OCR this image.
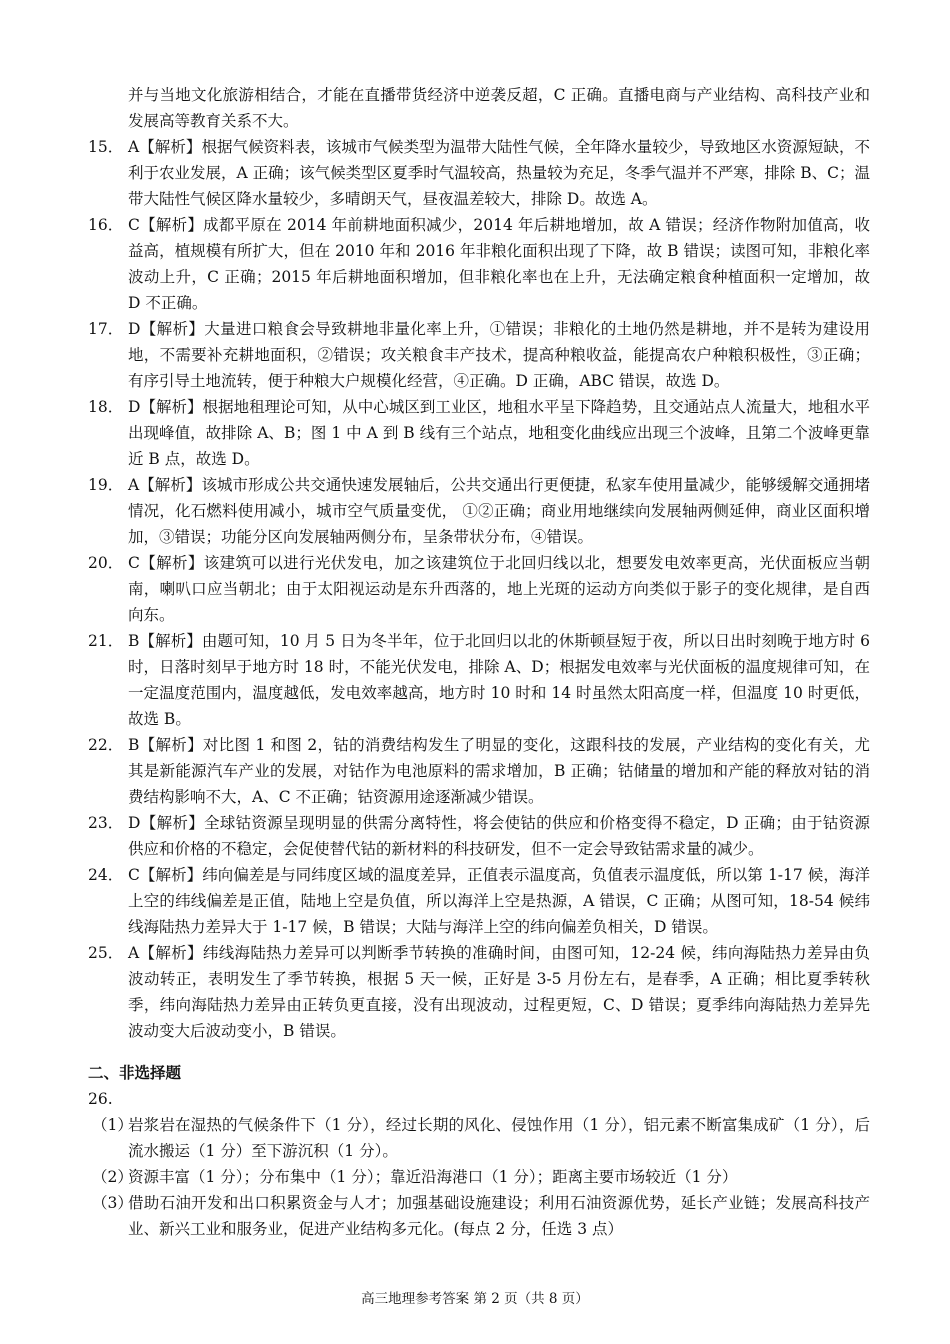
并与当地文化旅游相结合，才能在直播带货经济中逆袭反超，C 正确。直播电商与产业结构、高科技产业和发展高等教育关系不大。

15． A【解析】根据气候资料表，该城市气候类型为温带大陆性气候，全年降水量较少，导致地区水资源短缺，不利于农业发展，A 正确；该气候类型区夏季时气温较高，热量较为充足，冬季气温并不严寒，排除 B、C；温带大陆性气候区降水量较少，多晴朗天气，昼夜温差较大，排除 D。故选 A。
16． C【解析】成都平原在 2014 年前耕地面积减少，2014 年后耕地增加，故 A 错误；经济作物附加值高，收益高，植规模有所扩大，但在 2010 年和 2016 年非粮化面积出现了下降，故 B 错误；读图可知，非粮化率波动上升，C 正确；2015 年后耕地面积增加，但非粮化率也在上升，无法确定粮食种植面积一定增加，故 D 不正确。
17． D【解析】大量进口粮食会导致耕地非量化率上升，①错误；非粮化的土地仍然是耕地，并不是转为建设用地，不需要补充耕地面积，②错误；攻关粮食丰产技术，提高种粮收益，能提高农户种粮积极性，③正确；有序引导土地流转，便于种粮大户规模化经营，④正确。D 正确，ABC 错误，故选 D。
18． D【解析】根据地租理论可知，从中心城区到工业区，地租水平呈下降趋势，且交通站点人流量大，地租水平出现峰值，故排除 A、B；图 1 中 A 到 B 线有三个站点，地租变化曲线应出现三个波峰，且第二个波峰更靠近 B 点，故选 D。
19． A【解析】该城市形成公共交通快速发展轴后，公共交通出行更便捷，私家车使用量减少，能够缓解交通拥堵情况，化石燃料使用减小，城市空气质量变优， ①②正确；商业用地继续向发展轴两侧延伸，商业区面积增加，③错误；功能分区向发展轴两侧分布，呈条带状分布，④错误。
20． C【解析】该建筑可以进行光伏发电，加之该建筑位于北回归线以北，想要发电效率更高，光伏面板应当朝南，喇叭口应当朝北；由于太阳视运动是东升西落的，地上光斑的运动方向类似于影子的变化规律，是自西向东。
21． B【解析】由题可知，10 月 5 日为冬半年，位于北回归以北的休斯顿昼短于夜，所以日出时刻晚于地方时 6 时，日落时刻早于地方时 18 时，不能光伏发电，排除 A、D；根据发电效率与光伏面板的温度规律可知，在一定温度范围内，温度越低，发电效率越高，地方时 10 时和 14 时虽然太阳高度一样，但温度 10 时更低，故选 B。
22． B【解析】对比图 1 和图 2，钴的消费结构发生了明显的变化，这跟科技的发展，产业结构的变化有关，尤其是新能源汽车产业的发展，对钴作为电池原料的需求增加，B 正确；钴储量的增加和产能的释放对钴的消费结构影响不大，A、C 不正确；钴资源用途逐渐减少错误。
23． D【解析】全球钴资源呈现明显的供需分离特性，将会使钴的供应和价格变得不稳定，D 正确；由于钴资源供应和价格的不稳定，会促使替代钴的新材料的科技研发，但不一定会导致钴需求量的减少。
24． C【解析】纬向偏差是与同纬度区域的温度差异，正值表示温度高，负值表示温度低，所以第 1-17 候，海洋上空的纬线偏差是正值，陆地上空是负值，所以海洋上空是热源，A 错误，C 正确；从图可知，18-54 候纬线海陆热力差异大于 1-17 候，B 错误；大陆与海洋上空的纬向偏差负相关，D 错误。
25． A【解析】纬线海陆热力差异可以判断季节转换的准确时间，由图可知，12-24 候，纬向海陆热力差异由负波动转正，表明发生了季节转换，根据 5 天一候，正好是 3-5 月份左右，是春季，A 正确；相比夏季转秋季，纬向海陆热力差异由正转负更直接，没有出现波动，过程更短，C、D 错误；夏季纬向海陆热力差异先波动变大后波动变小，B 错误。

二、非选择题

26.

（1）
岩浆岩在湿热的气候条件下（1 分），经过长期的风化、侵蚀作用（1 分），铝元素不断富集成矿（1 分），后流水搬运（1 分）至下游沉积（1 分）。
（2）
资源丰富（1 分）；分布集中（1 分）；靠近沿海港口（1 分）；距离主要市场较近（1 分）
（3）
借助石油开发和出口积累资金与人才；加强基础设施建设；利用石油资源优势，延长产业链；发展高科技产业、新兴工业和服务业，促进产业结构多元化。(每点 2 分，任选 3 点）
高三地理参考答案 第 2 页（共 8 页）
